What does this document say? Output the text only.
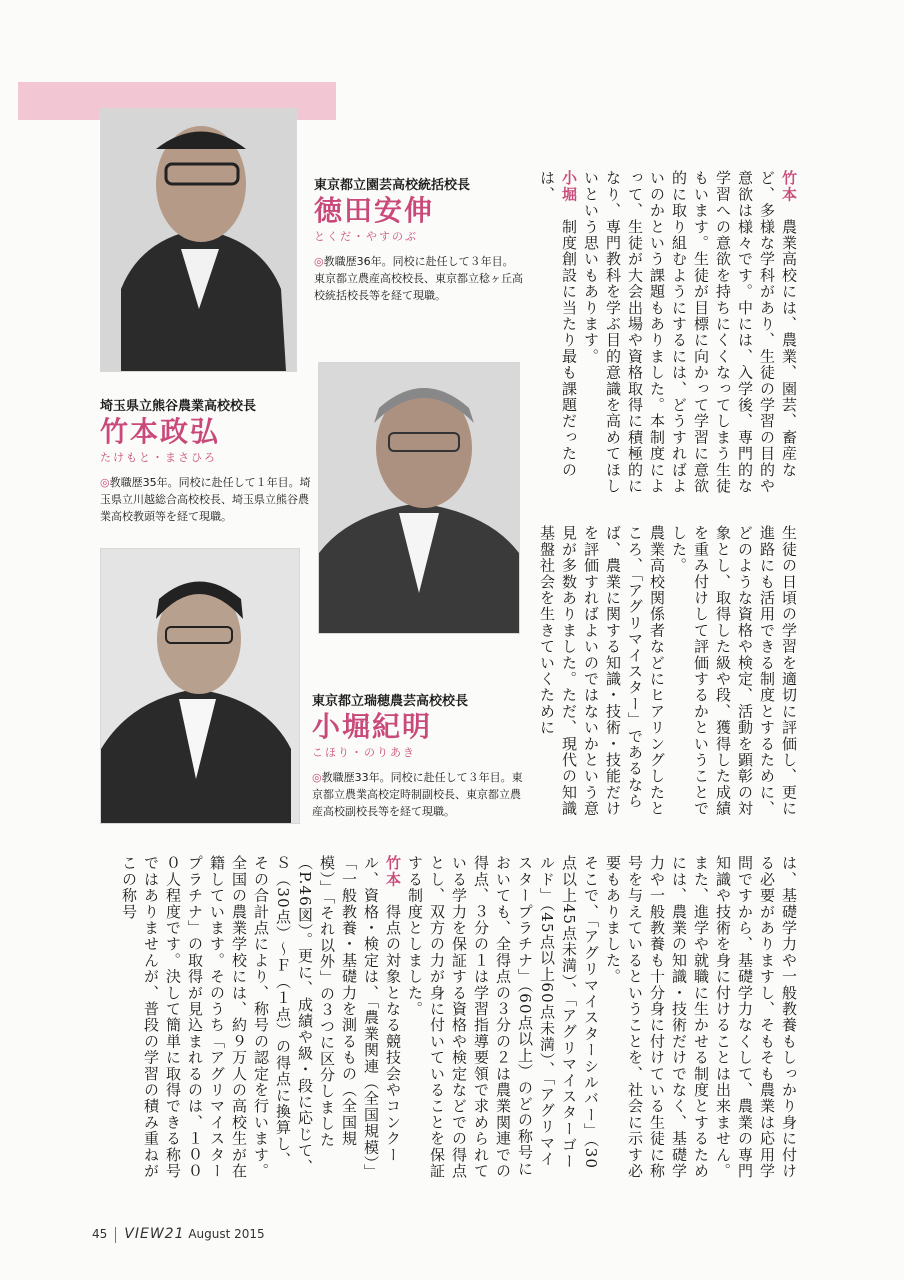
東京都立園芸高校統括校長
徳田安伸
とくだ・やすのぶ
◎教職歴36年。同校に赴任して３年目。東京都立農産高校校長、東京都立稔ヶ丘高校統括校長等を経て現職。
埼玉県立熊谷農業高校校長
竹本政弘
たけもと・まさひろ
◎教職歴35年。同校に赴任して１年目。埼玉県立川越総合高校校長、埼玉県立熊谷農業高校教頭等を経て現職。
東京都立瑞穂農芸高校校長
小堀紀明
こほり・のりあき
◎教職歴33年。同校に赴任して３年目。東京都立農業高校定時制副校長、東京都立農産高校副校長等を経て現職。
竹本　農業高校には、農業、園芸、畜産など、多様な学科があり、生徒の学習の目的や意欲は様々です。中には、入学後、専門的な学習への意欲を持ちにくくなってしまう生徒もいます。生徒が目標に向かって学習に意欲的に取り組むようにするには、どうすればよいのかという課題もありました。本制度によって、生徒が大会出場や資格取得に積極的になり、専門教科を学ぶ目的意識を高めてほしいという思いもあります。
小堀　制度創設に当たり最も課題だったのは、
生徒の日頃の学習を適切に評価し、更に進路にも活用できる制度とするために、どのような資格や検定、活動を顕彰の対象とし、取得した級や段、獲得した成績を重み付けして評価するかということでした。
農業高校関係者などにヒアリングしたところ、「アグリマイスター」であるならば、農業に関する知識・技術・技能だけを評価すればよいのではないかという意見が多数ありました。ただ、現代の知識基盤社会を生きていくために
は、基礎学力や一般教養もしっかり身に付ける必要がありますし、そもそも農業は応用学問ですから、基礎学力なくして、農業の専門知識や技術を身に付けることは出来ません。また、進学や就職に生かせる制度とするためには、農業の知識・技術だけでなく、基礎学力や一般教養も十分身に付けている生徒に称号を与えているということを、社会に示す必要もありました。
そこで、「アグリマイスターシルバー」（30点以上45点未満）、「アグリマイスターゴールド」（45点以上60点未満）、「アグリマイスタープラチナ」（60点以上）のどの称号においても、全得点の３分の２は農業関連での得点、３分の１は学習指導要領で求められている学力を保証する資格や検定などでの得点とし、双方の力が身に付いていることを保証する制度としました。
竹本　得点の対象となる競技会やコンクール、資格・検定は、「農業関連（全国規模）」「一般教養・基礎力を測るもの（全国規模）」「それ以外」の３つに区分しました（P.46図）。更に、成績や級・段に応じて、Ｓ（30点）～Ｆ（１点）の得点に換算し、その合計点により、称号の認定を行います。
全国の農業学校には、約９万人の高校生が在籍しています。そのうち「アグリマイスタープラチナ」の取得が見込まれるのは、１０００人程度です。決して簡単に取得できる称号ではありませんが、普段の学習の積み重ねがこの称号
45 VIEW21 August 2015
